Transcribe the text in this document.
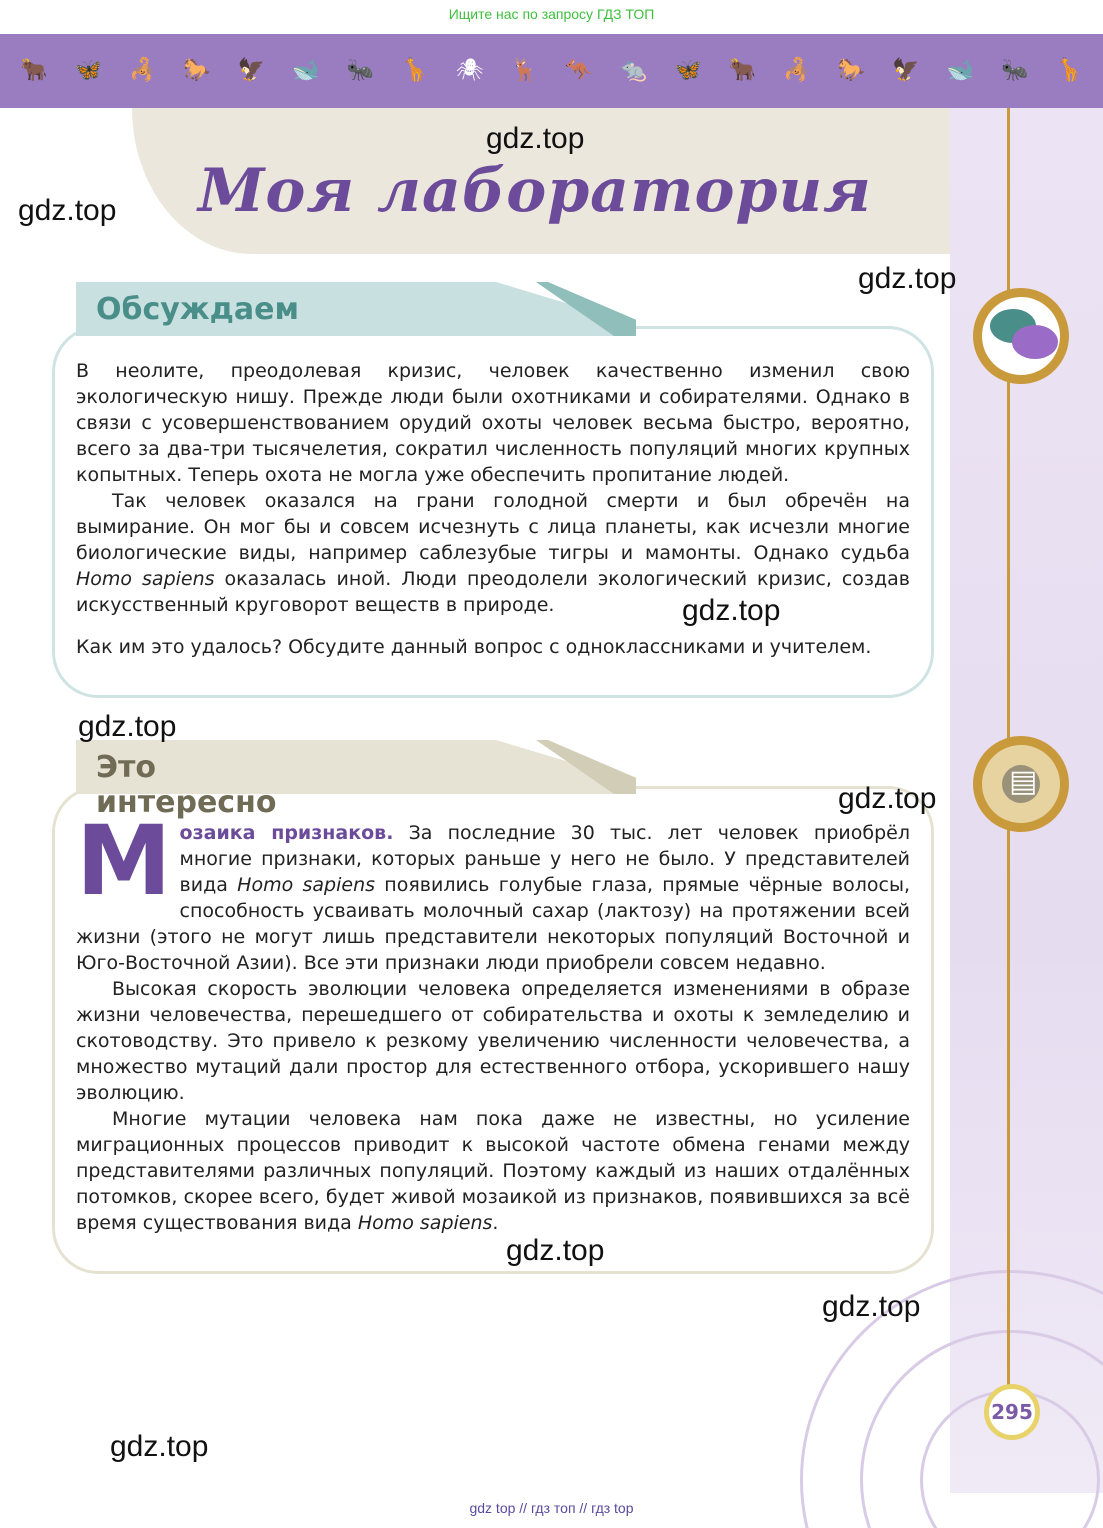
Ищите нас по запросу ГДЗ ТОП
🐂 🦋 🦂 🐎 🦅 🐋 🐜 🦒 🕷 🦌 🦘 🐀 🦋 🐂 🦂 🐎 🦅 🐋 🐜 🦒
Моя лаборатория
Обсуждаем

В неолите, преодолевая кризис, человек качественно изменил свою экологическую нишу. Прежде люди были охотниками и собирателями. Однако в связи с усовершенствованием орудий охоты человек весьма быстро, вероятно, всего за два-три тысячелетия, сократил численность популяций многих крупных копытных. Теперь охота не могла уже обеспечить пропитание людей.

Так человек оказался на грани голодной смерти и был обречён на вымирание. Он мог бы и совсем исчезнуть с лица планеты, как исчезли многие биологические виды, например саблезубые тигры и мамонты. Однако судьба Homo sapiens оказалась иной. Люди преодолели экологический кризис, создав искусственный круговорот веществ в природе.

Как им это удалось? Обсудите данный вопрос с одноклассниками и учителем.

Это интересно
М озаика признаков. За последние 30 тыс. лет человек приобрёл многие признаки, которых раньше у него не было. У представителей вида Homo sapiens появились голубые глаза, прямые чёрные волосы, способность усваивать молочный сахар (лактозу) на протяжении всей жизни (этого не могут лишь представители некоторых популяций Восточной и Юго-Восточной Азии). Все эти признаки люди приобрели совсем недавно.

Высокая скорость эволюции человека определяется изменениями в образе жизни человечества, перешедшего от собирательства и охоты к земледелию и скотоводству. Это привело к резкому увеличению численности человечества, а множество мутаций дали простор для естественного отбора, ускорившего нашу эволюцию.

Многие мутации человека нам пока даже не известны, но усиление миграционных процессов приводит к высокой частоте обмена генами между представителями различных популяций. Поэтому каждый из наших отдалённых потомков, скорее всего, будет живой мозаикой из признаков, появившихся за всё время существования вида Homo sapiens.

▤
gdz.top
gdz.top
gdz.top
gdz.top
gdz.top
gdz.top
gdz.top
gdz.top
gdz.top
295
gdz top // гдз топ // гдз top
